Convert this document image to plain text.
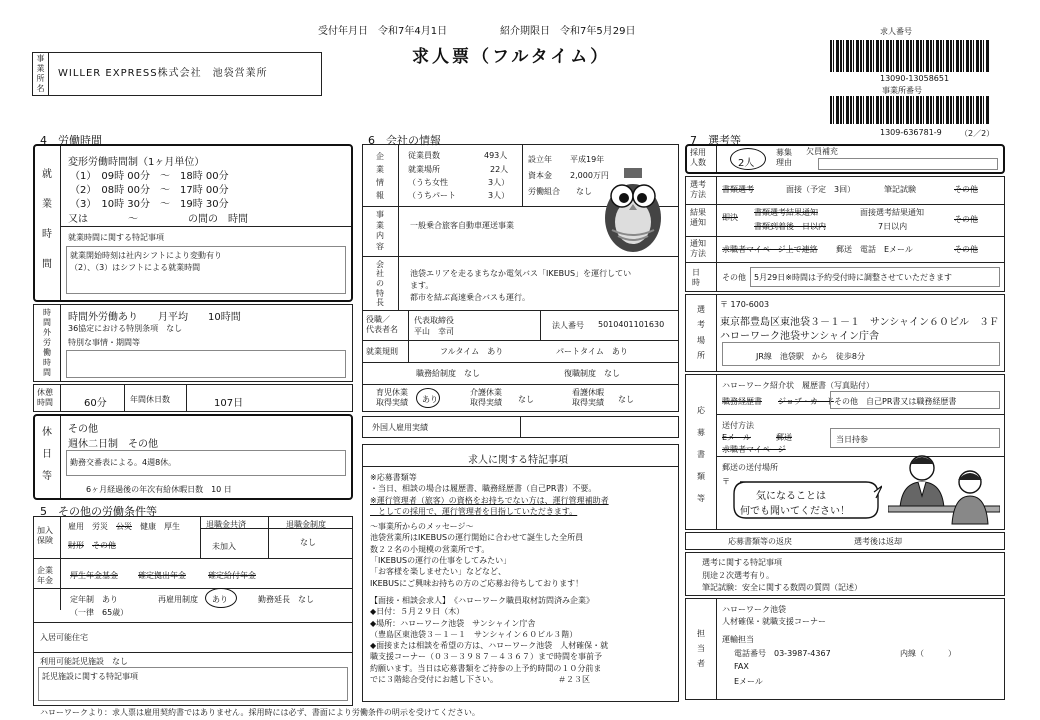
受付年月日　 令和7年4月1日	紹介期限日　 令和7年5月29日
求人票（フルタイム）
求人番号
13090-13058651
事業所番号
1309-636781-9 （2／2）
事
業
所
名
WILLER EXPRESS株式会社　池袋営業所
4　労働時間
就
業
時
間
変形労働時間制（1ヶ月単位）
（1）　09時 00分　～　18時 00分
（2）　08時 00分　～　17時 00分
（3）　10時 30分　～　19時 30分
又は　　　　～　　　　　の間の　時間
就業時間に関する特記事項
就業開始時刻は社内シフトにより変動有り
（2）、（3）はシフトによる就業時間
時
間
外
労
働
時
間
時間外労働あり　　月平均　　10時間
36協定における特別条項　なし
特別な事情・期間等
休憩
時間	60分	年間休日数	107日
休
日
等
その他
週休二日制　その他
勤務交番表による。4週8休。
6ヶ月経過後の年次有給休暇日数　10 日
5　その他の労働条件等
加入
保険
雇用　労災　 公災　 健康　厚生
財形　 その他
退職金共済
未加入
退職金制度
なし
企業
年金
厚生年金基金	確定拠出年金	確定給付年金
定年制　あり
（一律　65歳）
再雇用制度 あり	勤務延長　なし
入居可能住宅
利用可能託児施設　なし
託児施設に関する特記事項
6　会社の情報
企
業
情
報
従業員数	493人
就業場所	22人
（うち女性	3人）
（うちパート	3人）
設立年 平成19年
資本金 2,000万円
労働組合 なし
事
業
内
容
一般乗合旅客自動車運送事業
会
社
の
特
長
池袋エリアを走るまちなか電気バス「IKEBUS」を運行してい
ます。
都市を結ぶ高速乗合バスも運行。
役職／
代表者名
代表取締役
平山　幸司
法人番号 5010401101630
就業規則	フルタイム　あり	パートタイム　あり
職務給制度　なし	復職制度　なし
育児休業
取得実績 あり
介護休業
取得実績 なし
看護休暇
取得実績 なし
外国人雇用実績
求人に関する特記事項
※応募書類等
・当日、相談の場合は履歴書、職務経歴書（自己PR書）不要。
※運行管理者（旅客）の資格をお持ちでない方は、運行管理補助者
　としての採用で、運行管理者を目指していただきます。
～事業所からのメッセージ～
池袋営業所はIKEBUSの運行開始に合わせて誕生した全所員
数２２名の小規模の営業所です。
「IKEBUSの運行の仕事をしてみたい」
「お客様を楽しませたい」などなど、
IKEBUSにご興味お持ちの方のご応募お待ちしております！
【面接・相談会求人】　《ハローワーク職員取材訪問済み企業》
◆日付：５月２９日（木）
◆場所：ハローワーク池袋　サンシャイン庁舎
（豊島区東池袋３－１－１　サンシャイン６０ビル３階）
◆面接または相談を希望の方は、ハローワーク池袋　人材確保・就
職支援コーナー（０３－３９８７－４３６７）まで時間を事前予
約願います。当日は応募書類をご持参の上予約時間の１０分前ま
でに３階総合受付にお越し下さい。　　　　　　　　＃２３区
7　選考等
採用
人数	2人
募集
理由
欠員補充
選考
方法
書類選考	面接（予定　3回）	筆記試験	その他
結果
通知
即決
書類選考結果通知
書類到着後　日以内
面接選考結果通知
7日以内
その他
通知
方法 求職者マイページ上で連絡 郵送　電話　Eメール	その他
日
時
その他 5月29日※時間は予約受付時に調整させていただきます
選
考
場
所
〒 170-6003
東京都豊島区東池袋３－１－１　サンシャイン６０ビル　３Ｆ
ハローワーク池袋サンシャイン庁舎
JR線　池袋駅　から　徒歩8分
応
募
書
類
等
ハローワーク紹介状　履歴書（写真貼付）
職務経歴書 ジョブ・カード その他　自己PR書又は職務経歴書
送付方法
Eメール	郵送
求職者マイページ
当日持参
郵送の送付場所
〒
気になることは
何でも聞いてください！
応募書類等の返戻	選考後は返却
選考に関する特記事項
別途２次選考有り。
筆記試験：安全に関する数問の質問（記述）
担
当
者
ハローワーク池袋
人材確保・就職支援コーナー
運輸担当
電話番号　03-3987-4367	内線（　　　）
FAX
Eメール
ハローワークより：求人票は雇用契約書ではありません。採用時には必ず、書面により労働条件の明示を受けてください。
